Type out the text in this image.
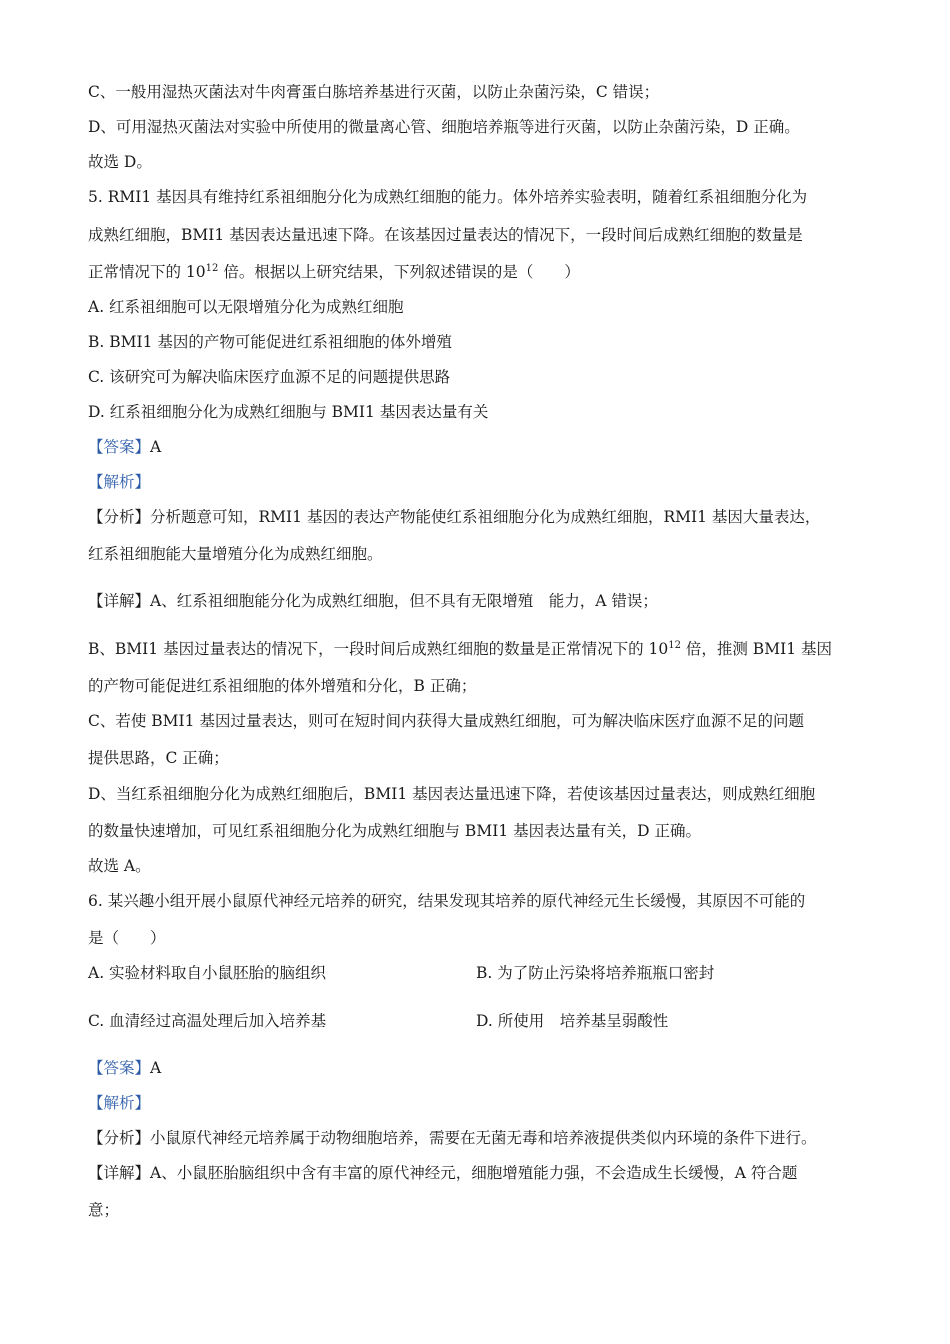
C、一般用湿热灭菌法对牛肉膏蛋白胨培养基进行灭菌，以防止杂菌污染，C 错误；
D、可用湿热灭菌法对实验中所使用的微量离心管、细胞培养瓶等进行灭菌，以防止杂菌污染，D 正确。
故选 D。
5. RMI1 基因具有维持红系祖细胞分化为成熟红细胞的能力。体外培养实验表明，随着红系祖细胞分化为
成熟红细胞，BMI1 基因表达量迅速下降。在该基因过量表达的情况下，一段时间后成熟红细胞的数量是
正常情况下的 $10^{12}$ 倍。根据以上研究结果，下列叙述错误的是（　　）
A. 红系祖细胞可以无限增殖分化为成熟红细胞
B. BMI1 基因的产物可能促进红系祖细胞的体外增殖
C. 该研究可为解决临床医疗血源不足的问题提供思路
D. 红系祖细胞分化为成熟红细胞与 BMI1 基因表达量有关
【答案】A
【解析】
【分析】分析题意可知，RMI1 基因的表达产物能使红系祖细胞分化为成熟红细胞，RMI1 基因大量表达，
红系祖细胞能大量增殖分化为成熟红细胞。
【详解】A、红系祖细胞能分化为成熟红细胞，但不具有无限增殖　能力，A 错误；
B、BMI1 基因过量表达的情况下，一段时间后成熟红细胞的数量是正常情况下的 $10^{12}$ 倍，推测 BMI1 基因
的产物可能促进红系祖细胞的体外增殖和分化，B 正确；
C、若使 BMI1 基因过量表达，则可在短时间内获得大量成熟红细胞，可为解决临床医疗血源不足的问题
提供思路，C 正确；
D、当红系祖细胞分化为成熟红细胞后，BMI1 基因表达量迅速下降，若使该基因过量表达，则成熟红细胞
的数量快速增加，可见红系祖细胞分化为成熟红细胞与 BMI1 基因表达量有关，D 正确。
故选 A。
6. 某兴趣小组开展小鼠原代神经元培养的研究，结果发现其培养的原代神经元生长缓慢，其原因不可能的
是（　　）
A. 实验材料取自小鼠胚胎的脑组织	B. 为了防止污染将培养瓶瓶口密封
C. 血清经过高温处理后加入培养基	D. 所使用　培养基呈弱酸性
【答案】A
【解析】
【分析】小鼠原代神经元培养属于动物细胞培养，需要在无菌无毒和培养液提供类似内环境的条件下进行。
【详解】A、小鼠胚胎脑组织中含有丰富的原代神经元，细胞增殖能力强，不会造成生长缓慢，A 符合题
意；
